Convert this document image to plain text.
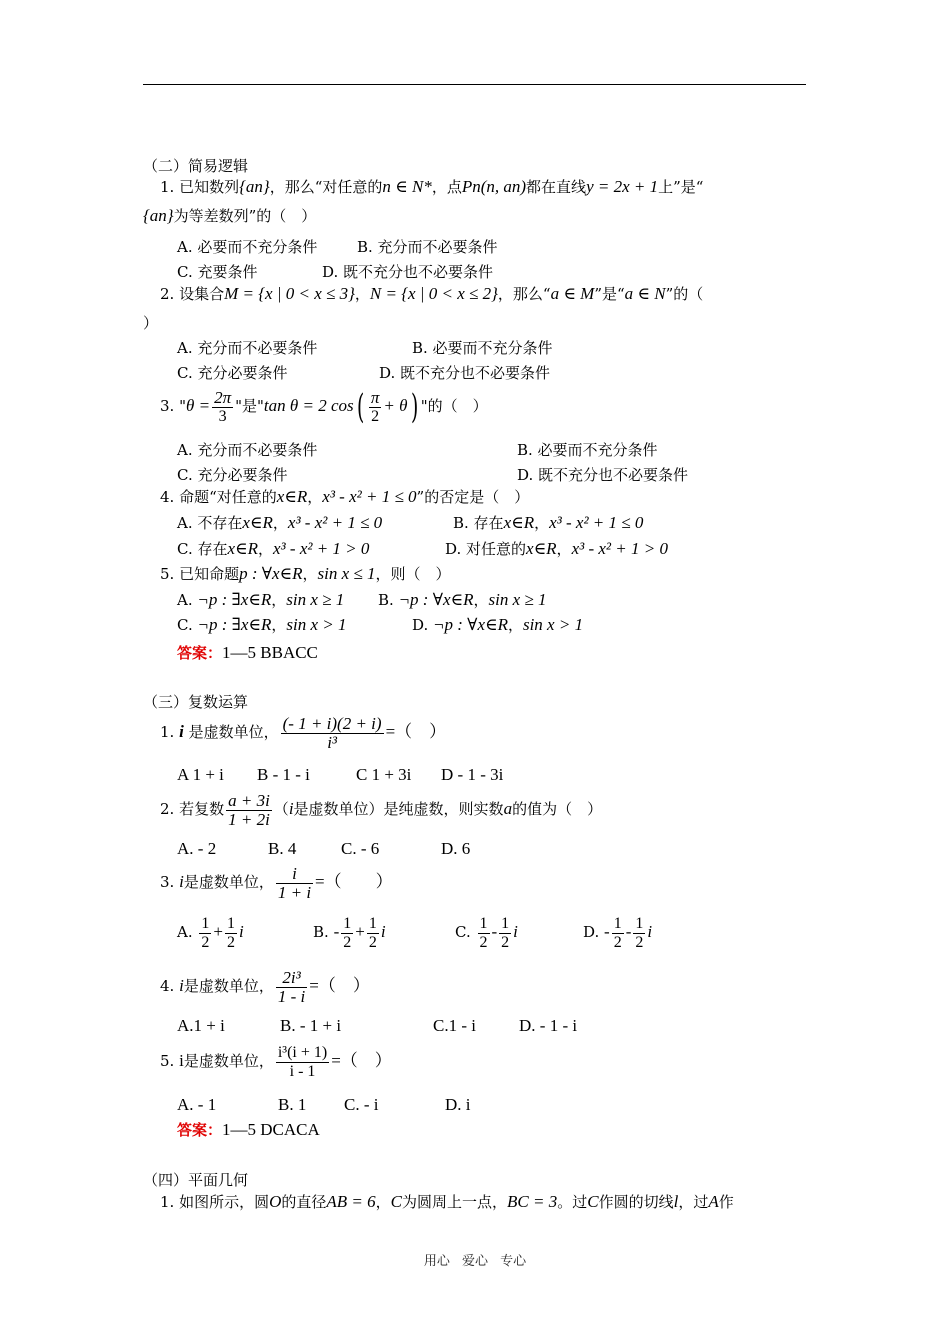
（二）简易逻辑
1. 已知数列{an}，那么“对任意的n ∈ N*，点Pn(n, an)都在直线y = 2x + 1上”是“
{an}为等差数列”的（　）
A. 必要而不充分条件	B. 充分而不必要条件
C. 充要条件	D. 既不充分也不必要条件
2. 设集合M = {x | 0 < x ≤ 3}，N = {x | 0 < x ≤ 2}，那么“a ∈ M”是“a ∈ N”的（
）
A. 充分而不必要条件	B. 必要而不充分条件
C. 充分必要条件	D. 既不充分也不必要条件
3. "$\theta = \frac{2\pi}{3}$ "是"tan θ = 2 $\cos( \frac{\pi}{2} + \theta)$ "的（　）
A. 充分而不必要条件	B. 必要而不充分条件
C. 充分必要条件	D. 既不充分也不必要条件
4. 命题“对任意的x∈R，x³ - x² + 1 ≤ 0”的否定是（　）
A. 不存在x∈R，x³ - x² + 1 ≤ 0	B. 存在x∈R，x³ - x² + 1 ≤ 0
C. 存在x∈R，x³ - x² + 1 > 0	D. 对任意的x∈R，x³ - x² + 1 > 0
5. 已知命题p : ∀x∈R，sin x ≤ 1，则（　）
A. ¬p : ∃x∈R，sin x ≥ 1 B. ¬p : ∀x∈R，sin x ≥ 1
C. ¬p : ∃x∈R，sin x > 1	D. ¬p : ∀x∈R，sin x > 1
答案：1—5 BBACC
（三）复数运算
1. i 是虚数单位， $\frac{(- 1 + i)(2 + i)}{\text{i³}}$ =（　）
A 1 + i B - 1 - i	C 1 + 3i D - 1 - 3i
2. 若复数 $\frac{a + 3i}{1 + 2i} (i$是虚数单位）是纯虚数，则实数a的值为（　）
A. - 2	B. 4	C. - 6	D. 6
3. i是虚数单位， $\frac{i}{1 + i}$ =（　　）
A. $\frac{1}{2} + \frac{1}{2}$ i	B. - $\frac{1}{2} + \frac{1}{2}$ i	C. $\frac{1}{2} - \frac{1}{2}$ i	D. - $\frac{1}{2} - \frac{1}{2}$ i
4. i是虚数单位， $\frac{\text{2i³}}{1 - i}$ =（　）
A.1 + i	B. - 1 + i	C.1 - i	D. - 1 - i
5. i是虚数单位， $\frac{\text{i³(i + 1)}}{i - 1}$ =（　）
A. - 1	B. 1 C. - i	D. i
答案：1—5 DCACA
（四）平面几何
1. 如图所示，圆O的直径AB = 6，C为圆周上一点，BC = 3。过C作圆的切线l，过A作
用心 爱心 专心
